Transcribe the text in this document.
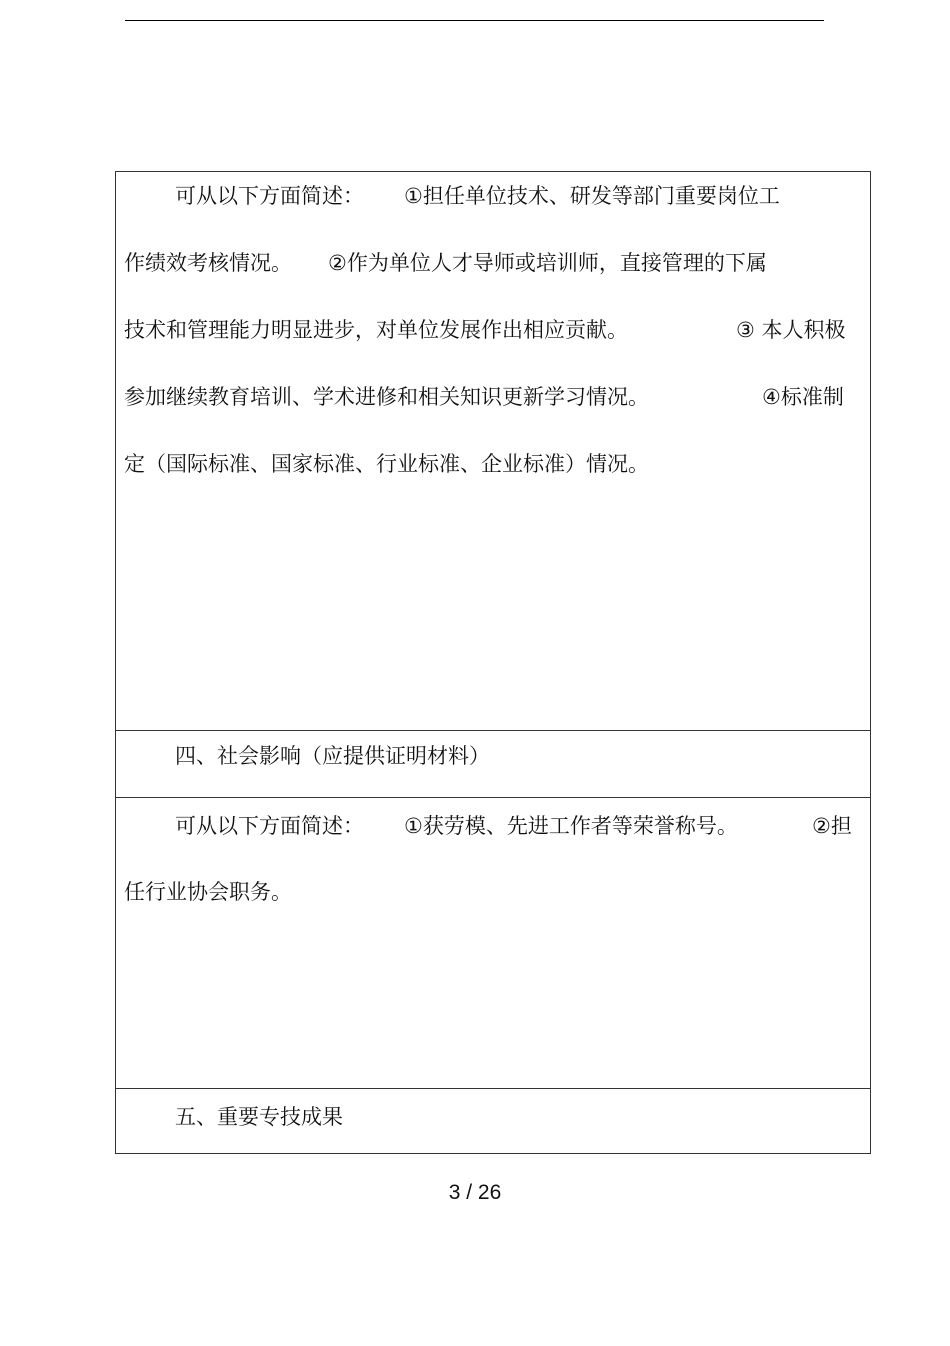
可从以下方面简述： ①担任单位技术、研发等部门重要岗位工
作绩效考核情况。 ②作为单位人才导师或培训师，直接管理的下属
技术和管理能力明显进步，对单位发展作出相应贡献。	③ 本人积极
参加继续教育培训、学术进修和相关知识更新学习情况。	④标准制
定（国际标准、国家标准、行业标准、企业标准）情况。
四、社会影响（应提供证明材料）
可从以下方面简述： ①获劳模、先进工作者等荣誉称号。	②担
任行业协会职务。
五、重要专技成果
3 / 26
